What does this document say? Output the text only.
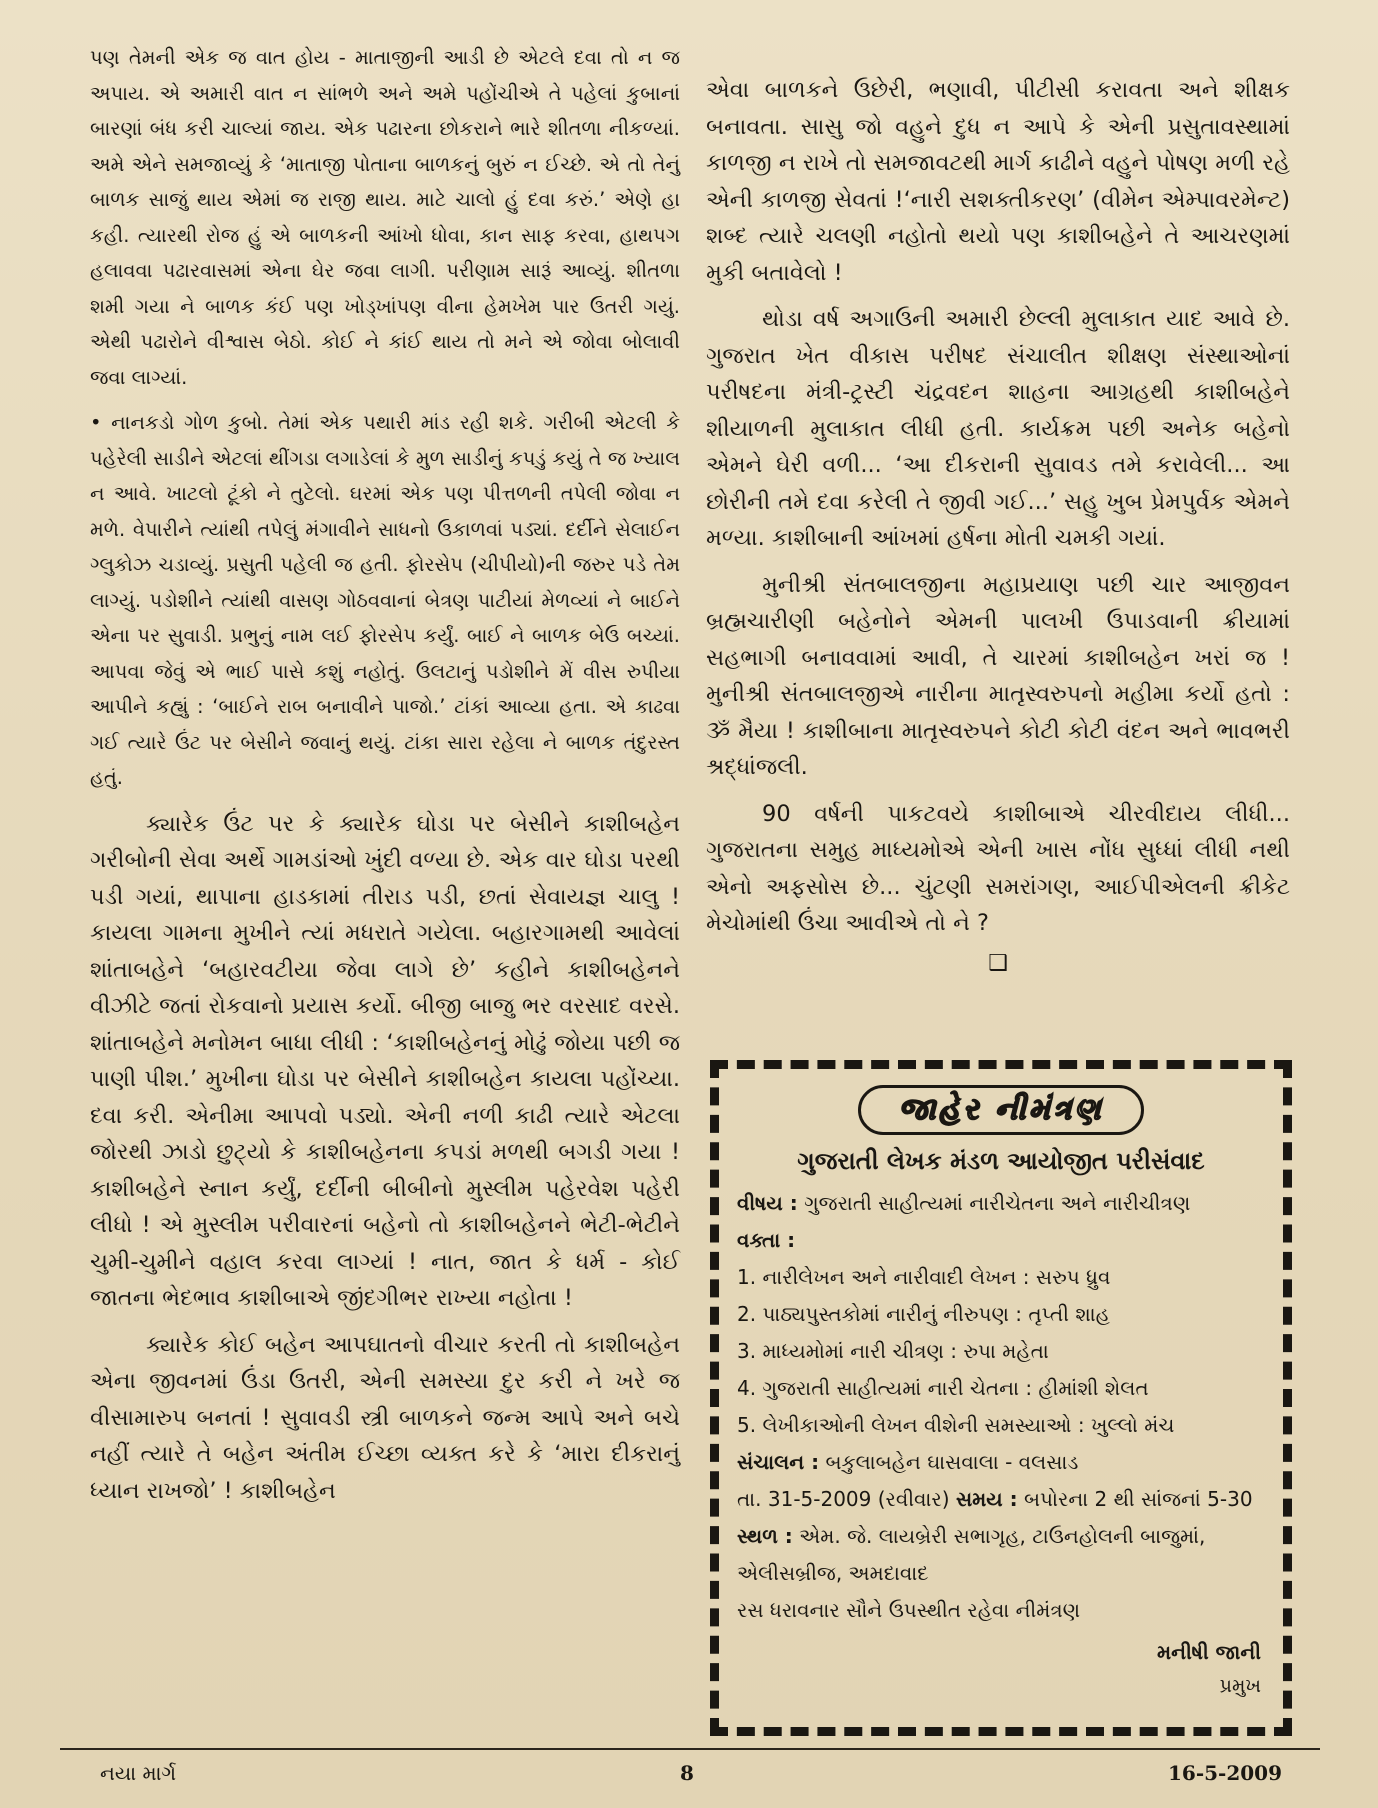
પણ તેમની એક જ વાત હોય - માતાજીની આડી છે એટલે દવા તો ન જ અપાય. એ અમારી વાત ન સાંભળે અને અમે પહોંચીએ તે પહેલાં કુબાનાં બારણાં બંધ કરી ચાલ્યાં જાય. એક પઢારના છોકરાને ભારે શીતળા નીકળ્યાં. અમે એને સમજાવ્યું કે ‘માતાજી પોતાના બાળકનું બુરું ન ઈચ્છે. એ તો તેનું બાળક સાજું થાય એમાં જ રાજી થાય. માટે ચાલો હું દવા કરું.’ એણે હા કહી. ત્યારથી રોજ હું એ બાળકની આંખો ધોવા, કાન સાફ કરવા, હાથપગ હલાવવા પઢારવાસમાં એના ઘેર જવા લાગી. પરીણામ સારૂં આવ્યું. શીતળા શમી ગયા ને બાળક કંઈ પણ ખોડ્ખાંપણ વીના હેમખેમ પાર ઉતરી ગયું. એથી પઢારોને વીશ્વાસ બેઠો. કોઈ ને કાંઈ થાય તો મને એ જોવા બોલાવી જવા લાગ્યાં.

• નાનકડો ગોળ કુબો. તેમાં એક પથારી માંડ રહી શકે. ગરીબી એટલી કે પહેરેલી સાડીને એટલાં થીંગડા લગાડેલાં કે મુળ સાડીનું કપડું કયું તે જ ખ્યાલ ન આવે. ખાટલો ટૂંકો ને તુટેલો. ઘરમાં એક પણ પીત્તળની તપેલી જોવા ન મળે. વેપારીને ત્યાંથી તપેલું મંગાવીને સાધનો ઉકાળવાં પડ્યાં. દર્દીને સેલાઈન ગ્લુકોઝ ચડાવ્યું. પ્રસુતી પહેલી જ હતી. ફોરસેપ (ચીપીયો)ની જરુર પડે તેમ લાગ્યું. પડોશીને ત્યાંથી વાસણ ગોઠવવાનાં બેત્રણ પાટીયાં મેળવ્યાં ને બાઈને એના પર સુવાડી. પ્રભુનું નામ લઈ ફોરસેપ કર્યું. બાઈ ને બાળક બેઉ બચ્યાં. આપવા જેવું એ ભાઈ પાસે કશું નહોતું. ઉલટાનું પડોશીને મેં વીસ રુપીયા આપીને કહ્યું : ‘બાઈને રાબ બનાવીને પાજો.’ ટાંકાં આવ્યા હતા. એ કાઢવા ગઈ ત્યારે ઉંટ પર બેસીને જવાનું થયું. ટાંકા સારા રહેલા ને બાળક તંદુરસ્ત હતું.

ક્યારેક ઉંટ પર કે ક્યારેક ઘોડા પર બેસીને કાશીબહેન ગરીબોની સેવા અર્થે ગામડાંઓ ખુંદી વળ્યા છે. એક વાર ઘોડા પરથી પડી ગયાં, થાપાના હાડકામાં તીરાડ પડી, છતાં સેવાયજ્ઞ ચાલુ ! કાયલા ગામના મુખીને ત્યાં મધરાતે ગયેલા. બહારગામથી આવેલાં શાંતાબહેને ‘બહારવટીયા જેવા લાગે છે’ કહીને કાશીબહેનને વીઝીટે જતાં રોકવાનો પ્રયાસ કર્યો. બીજી બાજુ ભર વરસાદ વરસે. શાંતાબહેને મનોમન બાધા લીધી : ‘કાશીબહેનનું મોઢું જોયા પછી જ પાણી પીશ.’ મુખીના ઘોડા પર બેસીને કાશીબહેન કાયલા પહોંચ્યા. દવા કરી. એનીમા આપવો પડ્યો. એની નળી કાઢી ત્યારે એટલા જોરથી ઝાડો છુટ્યો કે કાશીબહેનના કપડાં મળથી બગડી ગયા ! કાશીબહેને સ્નાન કર્યું, દર્દીની બીબીનો મુસ્લીમ પહેરવેશ પહેરી લીધો ! એ મુસ્લીમ પરીવારનાં બહેનો તો કાશીબહેનને ભેટી-ભેટીને ચુમી-ચુમીને વહાલ કરવા લાગ્યાં ! નાત, જાત કે ધર્મ - કોઈ જાતના ભેદભાવ કાશીબાએ જીંદગીભર રાખ્યા નહોતા !

ક્યારેક કોઈ બહેન આપઘાતનો વીચાર કરતી તો કાશીબહેન એના જીવનમાં ઉંડા ઉતરી, એની સમસ્યા દુર કરી ને ખરે જ વીસામારુપ બનતાં ! સુવાવડી સ્ત્રી બાળકને જન્મ આપે અને બચે નહીં ત્યારે તે બહેન અંતીમ ઈચ્છા વ્યક્ત કરે કે ‘મારા દીકરાનું ધ્યાન રાખજો’ ! કાશીબહેન

એવા બાળકને ઉછેરી, ભણાવી, પીટીસી કરાવતા અને શીક્ષક બનાવતા. સાસુ જો વહુને દુધ ન આપે કે એની પ્રસુતાવસ્થામાં કાળજી ન રાખે તો સમજાવટથી માર્ગ કાઢીને વહુને પોષણ મળી રહે એની કાળજી સેવતાં !‘નારી સશક્તીકરણ’ (વીમેન એમ્પાવરમેન્ટ) શબ્દ ત્યારે ચલણી નહોતો થયો પણ કાશીબહેને તે આચરણમાં મુકી બતાવેલો !

થોડા વર્ષ અગાઉની અમારી છેલ્લી મુલાકાત યાદ આવે છે. ગુજરાત ખેત વીકાસ પરીષદ સંચાલીત શીક્ષણ સંસ્થાઓનાં પરીષદના મંત્રી-ટ્રસ્ટી ચંદ્રવદન શાહના આગ્રહથી કાશીબહેને શીયાળની મુલાકાત લીધી હતી. કાર્યક્રમ પછી અનેક બહેનો એમને ઘેરી વળી... ‘આ દીકરાની સુવાવડ તમે કરાવેલી... આ છોરીની તમે દવા કરેલી તે જીવી ગઈ...’ સહુ ખુબ પ્રેમપુર્વક એમને મળ્યા. કાશીબાની આંખમાં હર્ષના મોતી ચમકી ગયાં.

મુનીશ્રી સંતબાલજીના મહાપ્રયાણ પછી ચાર આજીવન બ્રહ્મચારીણી બહેનોને એમની પાલખી ઉપાડવાની ક્રીયામાં સહભાગી બનાવવામાં આવી, તે ચારમાં કાશીબહેન ખરાં જ ! મુનીશ્રી સંતબાલજીએ નારીના માતૃસ્વરુપનો મહીમા કર્યો હતો : ૐ મૈયા ! કાશીબાના માતૃસ્વરુપને કોટી કોટી વંદન અને ભાવભરી શ્રદ્ધાંજલી.

90 વર્ષની પાકટવયે કાશીબાએ ચીરવીદાય લીધી... ગુજરાતના સમુહ માધ્યમોએ એની ખાસ નોંધ સુધ્ધાં લીધી નથી એનો અફસોસ છે... ચુંટણી સમરાંગણ, આઈપીએલની ક્રીકેટ મેચોમાંથી ઉંચા આવીએ તો ને ?

❑
જાહેર નીમંત્રણ

ગુજરાતી લેખક મંડળ આયોજીત પરીસંવાદ

વીષય : ગુજરાતી સાહીત્યમાં નારીચેતના અને નારીચીત્રણ

વક્તા :

1. નારીલેખન અને નારીવાદી લેખન : સરુપ ધ્રુવ

2. પાઠ્યપુસ્તકોમાં નારીનું નીરુપણ : તૃપ્તી શાહ

3. માધ્યમોમાં નારી ચીત્રણ : રુપા મહેતા

4. ગુજરાતી સાહીત્યમાં નારી ચેતના : હીમાંશી શેલત

5. લેખીકાઓની લેખન વીશેની સમસ્યાઓ : ખુલ્લો મંચ

સંચાલન : બકુલાબહેન ઘાસવાલા - વલસાડ

તા. 31-5-2009 (રવીવાર) સમય : બપોરના 2 થી સાંજનાં 5-30

સ્થળ : એમ. જે. લાયબ્રેરી સભાગૃહ, ટાઉનહોલની બાજુમાં, એલીસબ્રીજ, અમદાવાદ

રસ ધરાવનાર સૌને ઉપસ્થીત રહેવા નીમંત્રણ

મનીષી જાની

પ્રમુખ

નયા માર્ગ	8	16-5-2009
